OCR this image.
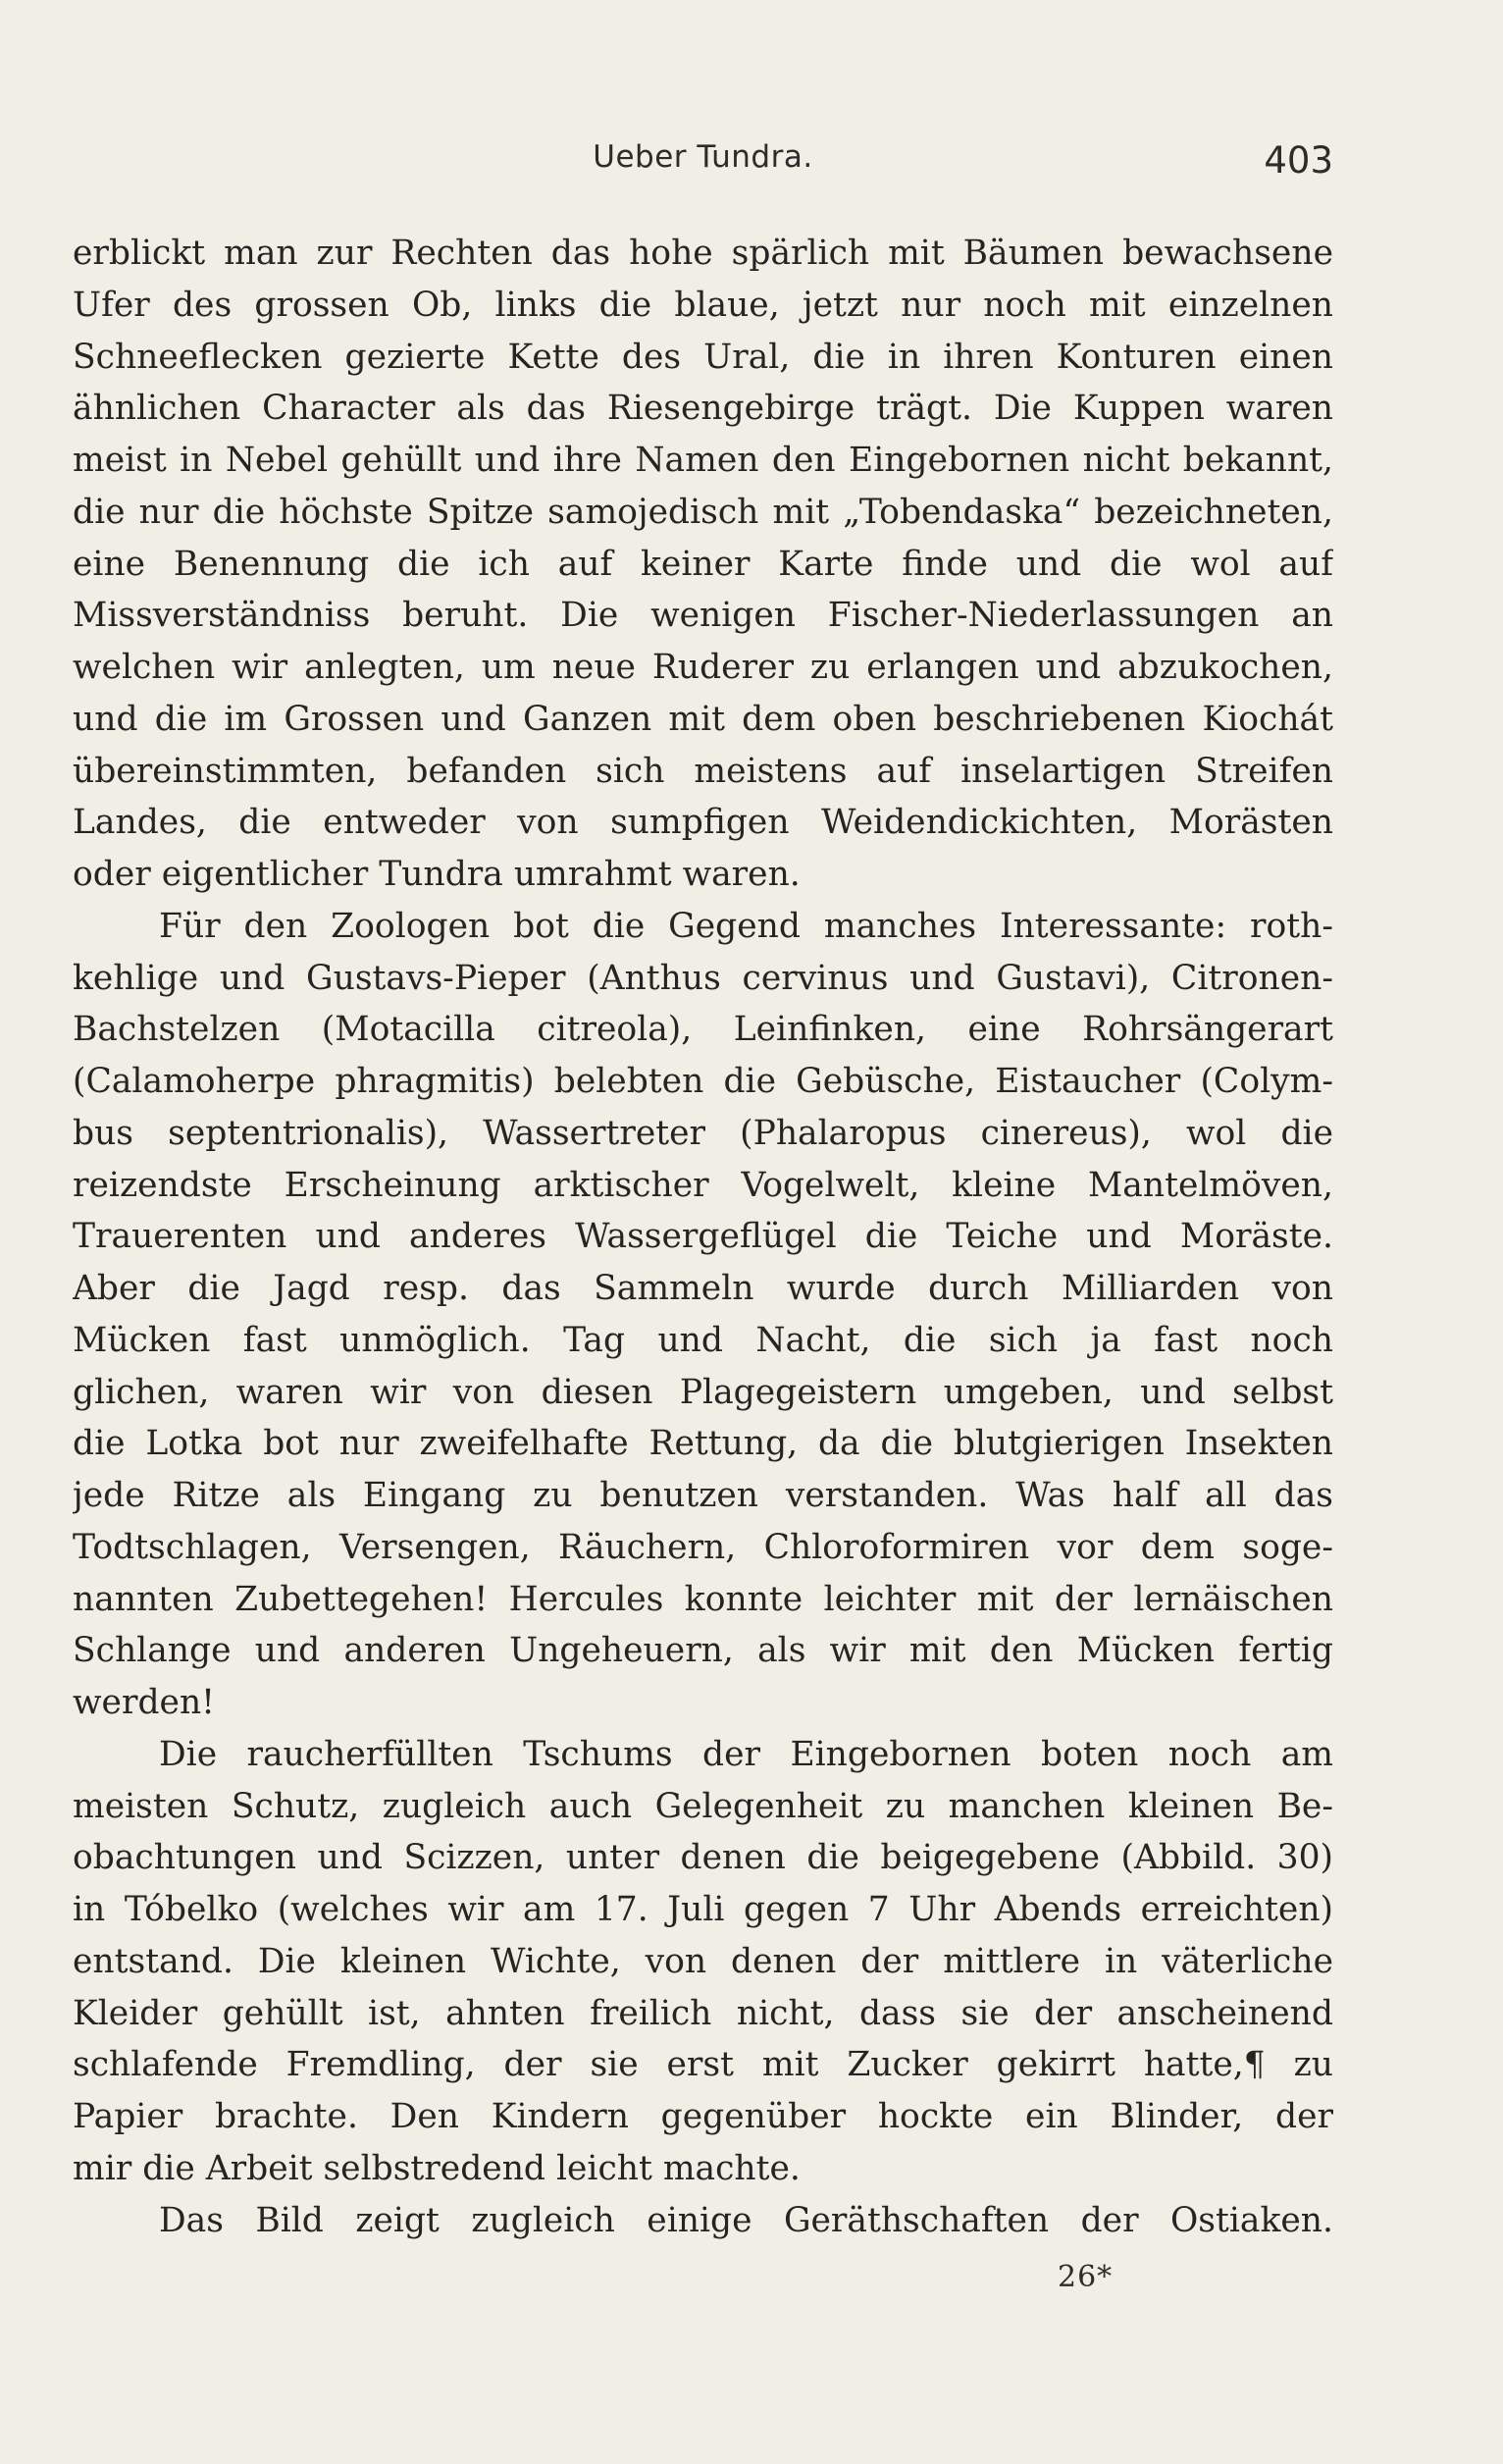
Ueber Tundra.	403
erblickt man zur Rechten das hohe spärlich mit Bäumen bewachsene
Ufer des grossen Ob, links die blaue, jetzt nur noch mit einzelnen
Schneeflecken gezierte Kette des Ural, die in ihren Konturen einen
ähnlichen Character als das Riesengebirge trägt. Die Kuppen waren
meist in Nebel gehüllt und ihre Namen den Eingebornen nicht bekannt,
die nur die höchste Spitze samojedisch mit „Tobendaska“ bezeichneten,
eine Benennung die ich auf keiner Karte finde und die wol auf
Missverständniss beruht. Die wenigen Fischer-Niederlassungen an
welchen wir anlegten, um neue Ruderer zu erlangen und abzukochen,
und die im Grossen und Ganzen mit dem oben beschriebenen Kiochát
übereinstimmten, befanden sich meistens auf inselartigen Streifen
Landes, die entweder von sumpfigen Weidendickichten, Morästen
oder eigentlicher Tundra umrahmt waren.
Für den Zoologen bot die Gegend manches Interessante: roth-
kehlige und Gustavs-Pieper (Anthus cervinus und Gustavi), Citronen-
Bachstelzen (Motacilla citreola), Leinfinken, eine Rohrsängerart
(Calamoherpe phragmitis) belebten die Gebüsche, Eistaucher (Colym-
bus septentrionalis), Wassertreter (Phalaropus cinereus), wol die
reizendste Erscheinung arktischer Vogelwelt, kleine Mantelmöven,
Trauerenten und anderes Wassergeflügel die Teiche und Moräste.
Aber die Jagd resp. das Sammeln wurde durch Milliarden von
Mücken fast unmöglich. Tag und Nacht, die sich ja fast noch
glichen, waren wir von diesen Plagegeistern umgeben, und selbst
die Lotka bot nur zweifelhafte Rettung, da die blutgierigen Insekten
jede Ritze als Eingang zu benutzen verstanden. Was half all das
Todtschlagen, Versengen, Räuchern, Chloroformiren vor dem soge-
nannten Zubettegehen! Hercules konnte leichter mit der lernäischen
Schlange und anderen Ungeheuern, als wir mit den Mücken fertig
werden!
Die raucherfüllten Tschums der Eingebornen boten noch am
meisten Schutz, zugleich auch Gelegenheit zu manchen kleinen Be-
obachtungen und Scizzen, unter denen die beigegebene (Abbild. 30)
in Tóbelko (welches wir am 17. Juli gegen 7 Uhr Abends erreichten)
entstand. Die kleinen Wichte, von denen der mittlere in väterliche
Kleider gehüllt ist, ahnten freilich nicht, dass sie der anscheinend
schlafende Fremdling, der sie erst mit Zucker gekirrt hatte,¶ zu
Papier brachte. Den Kindern gegenüber hockte ein Blinder, der
mir die Arbeit selbstredend leicht machte.
Das Bild zeigt zugleich einige Geräthschaften der Ostiaken.
26*
